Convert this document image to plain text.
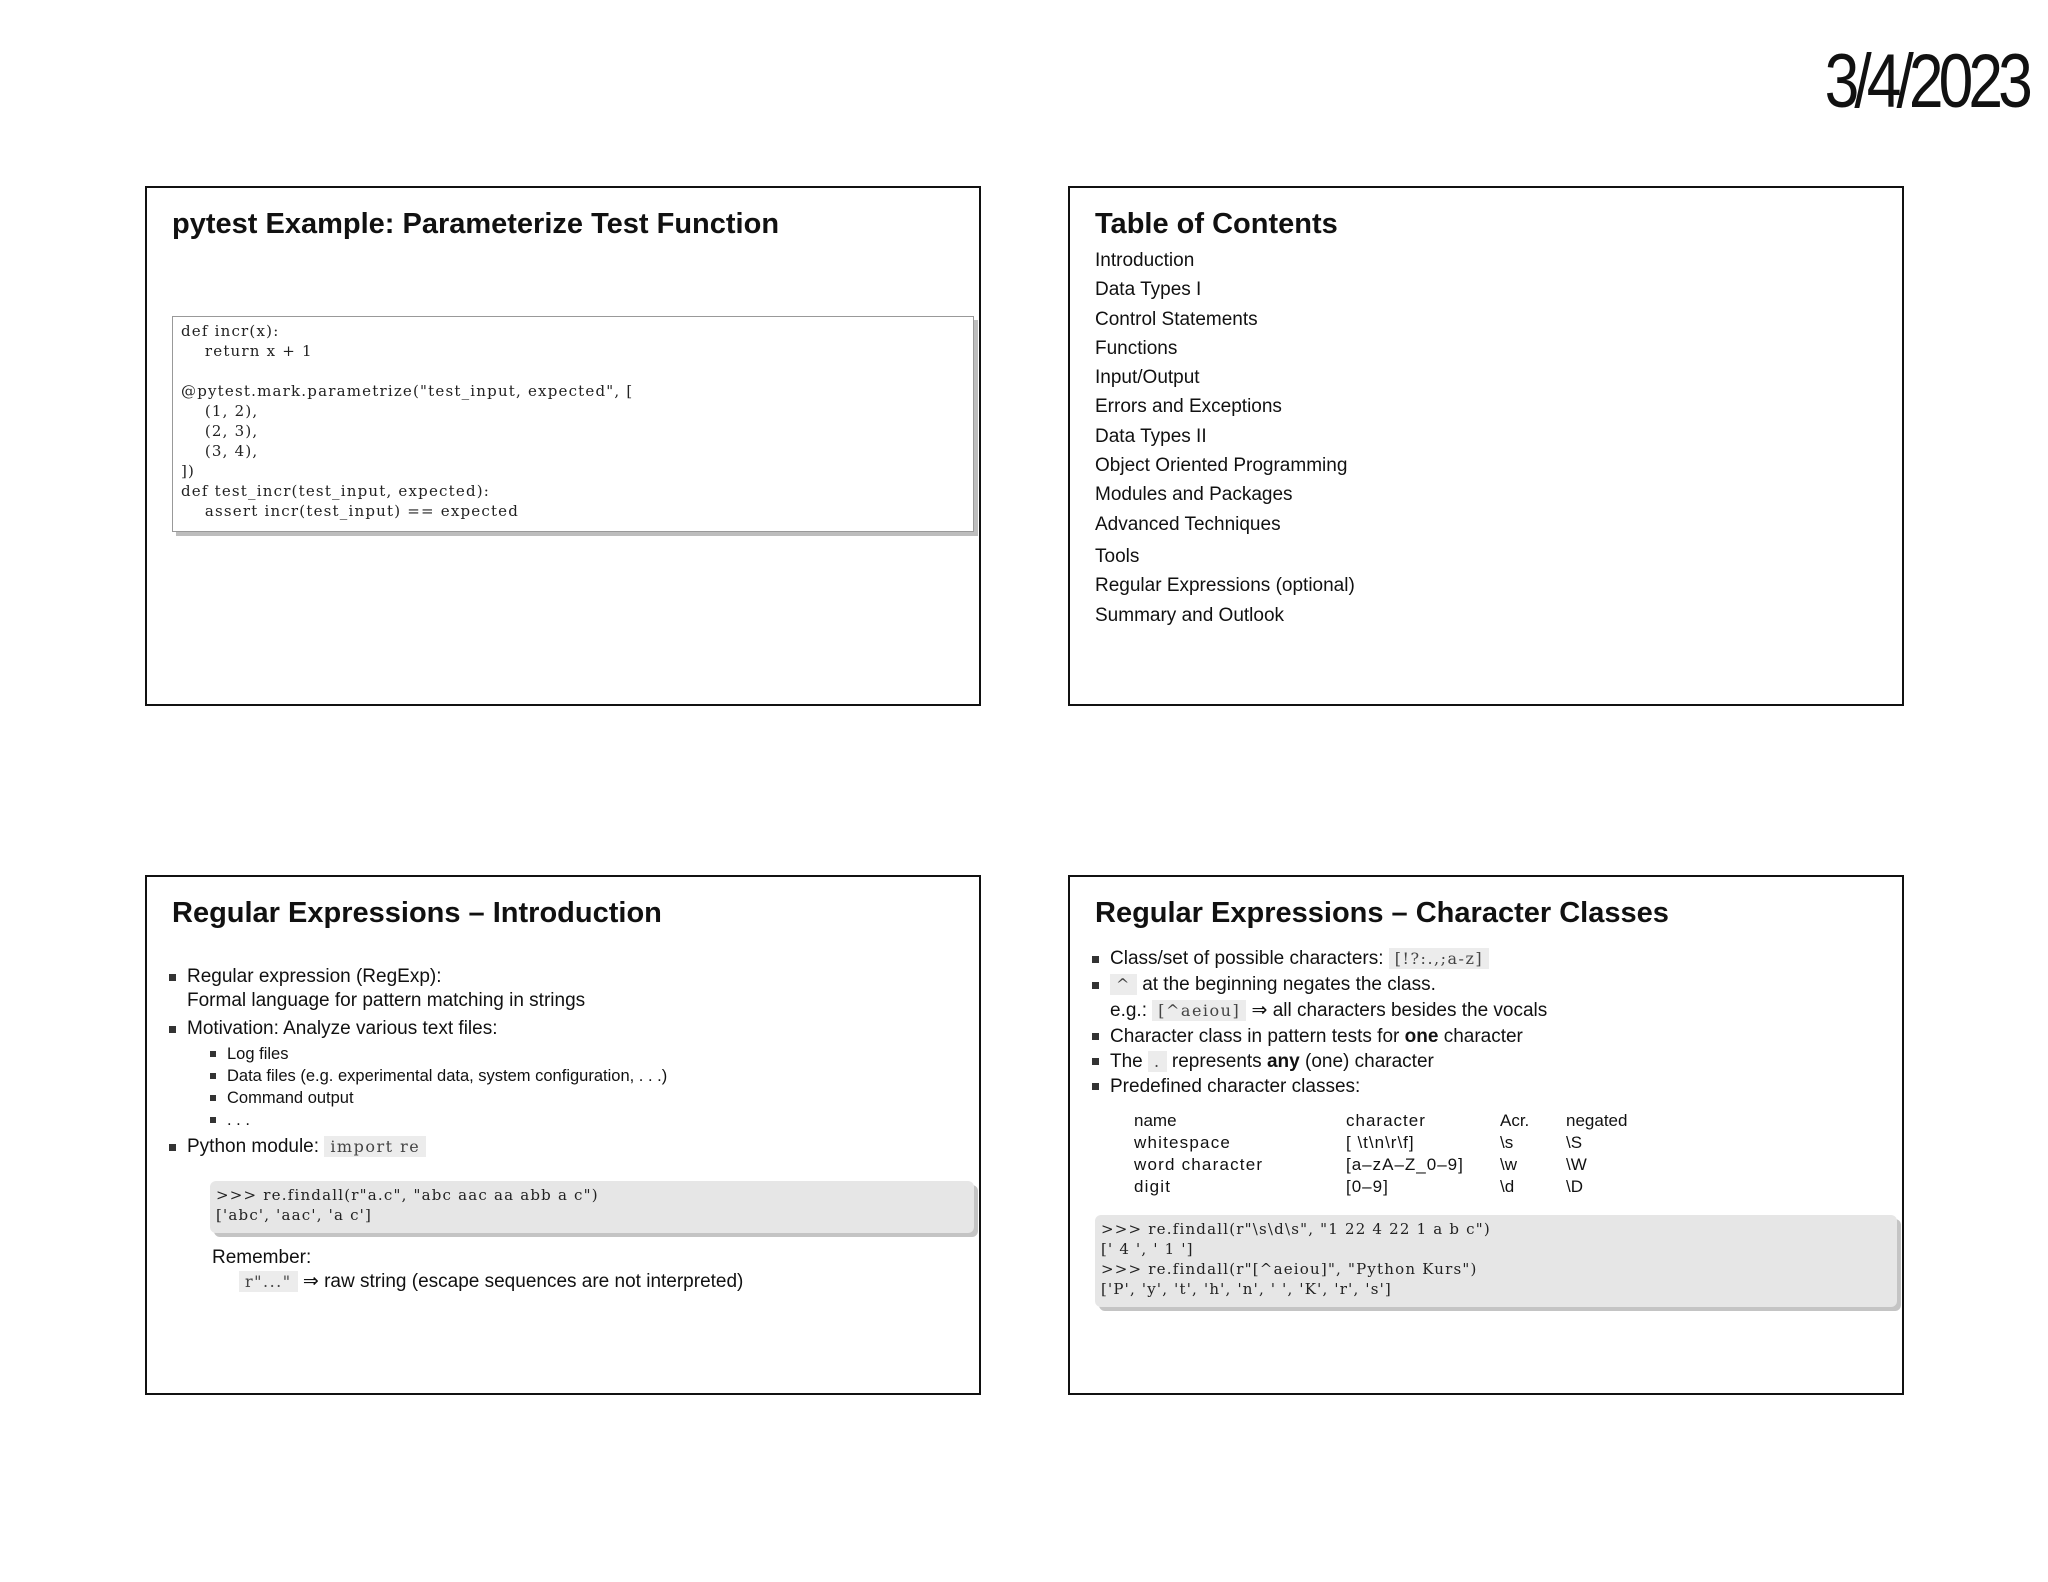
3/4/2023
pytest Example: Parameterize Test Function
def incr(x):
return x + 1

@pytest.mark.parametrize("test_input, expected", [
(1, 2),
(2, 3),
(3, 4),
])
def test_incr(test_input, expected):
assert incr(test_input) == expected
Table of Contents
Introduction
Data Types I
Control Statements
Functions
Input/Output
Errors and Exceptions
Data Types II
Object Oriented Programming
Modules and Packages
Advanced Techniques
Tools
Regular Expressions (optional)
Summary and Outlook
Regular Expressions – Introduction
Regular expression (RegExp):
Formal language for pattern matching in strings
Motivation: Analyze various text files:
Log files
Data files (e.g. experimental data, system configuration, . . .)
Command output
. . .
Python module: import re
>>> re.findall(r"a.c", "abc aac aa abb a c")
['abc', 'aac', 'a c']
Remember:
r"..." ⇒ raw string (escape sequences are not interpreted)
Regular Expressions – Character Classes
Class/set of possible characters: [!?:.,;a-z]
^ at the beginning negates the class.
e.g.: [^aeiou] ⇒ all characters besides the vocals
Character class in pattern tests for one character
The . represents any (one) character
Predefined character classes:
name	character	Acr.	negated
whitespace	[ \t\n\r\f]	\s	\S
word character	[a–zA–Z_0–9]	\w	\W
digit	[0–9]	\d	\D
>>> re.findall(r"\s\d\s", "1 22 4 22 1 a b c")
[' 4 ', ' 1 ']
>>> re.findall(r"[^aeiou]", "Python Kurs")
['P', 'y', 't', 'h', 'n', ' ', 'K', 'r', 's']
